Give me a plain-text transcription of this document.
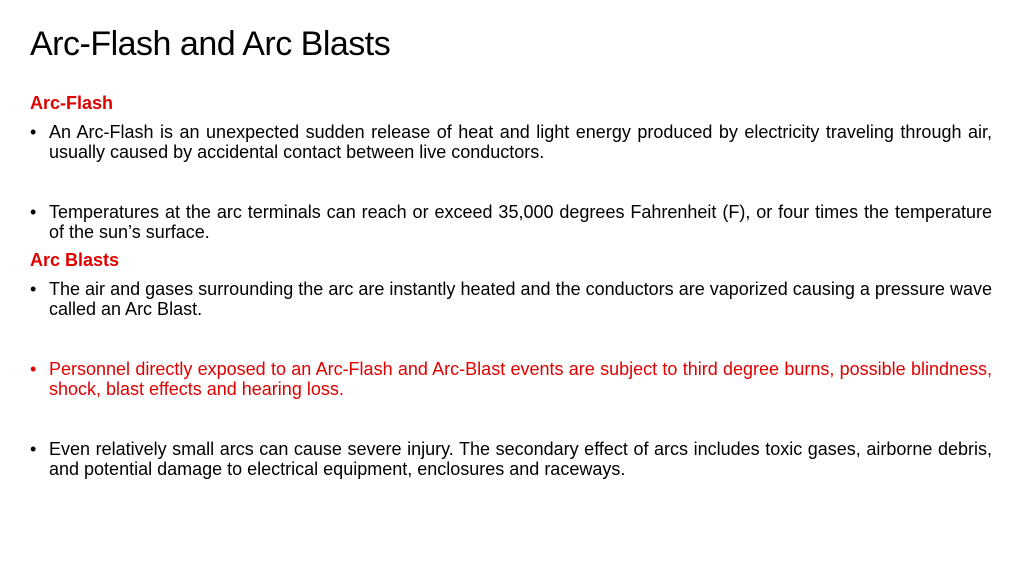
Arc-Flash and Arc Blasts
Arc-Flash
• An Arc-Flash is an unexpected sudden release of heat and light energy produced by electricity traveling through air, usually caused by accidental contact between live conductors.
• Temperatures at the arc terminals can reach or exceed 35,000 degrees Fahrenheit (F), or four times the temperature of the sun’s surface.
Arc Blasts
• The air and gases surrounding the arc are instantly heated and the conductors are vaporized causing a pressure wave called an Arc Blast.
• Personnel directly exposed to an Arc-Flash and Arc-Blast events are subject to third degree burns, possible blindness, shock, blast effects and hearing loss.
• Even relatively small arcs can cause severe injury. The secondary effect of arcs includes toxic gases, airborne debris, and potential damage to electrical equipment, enclosures and raceways.
